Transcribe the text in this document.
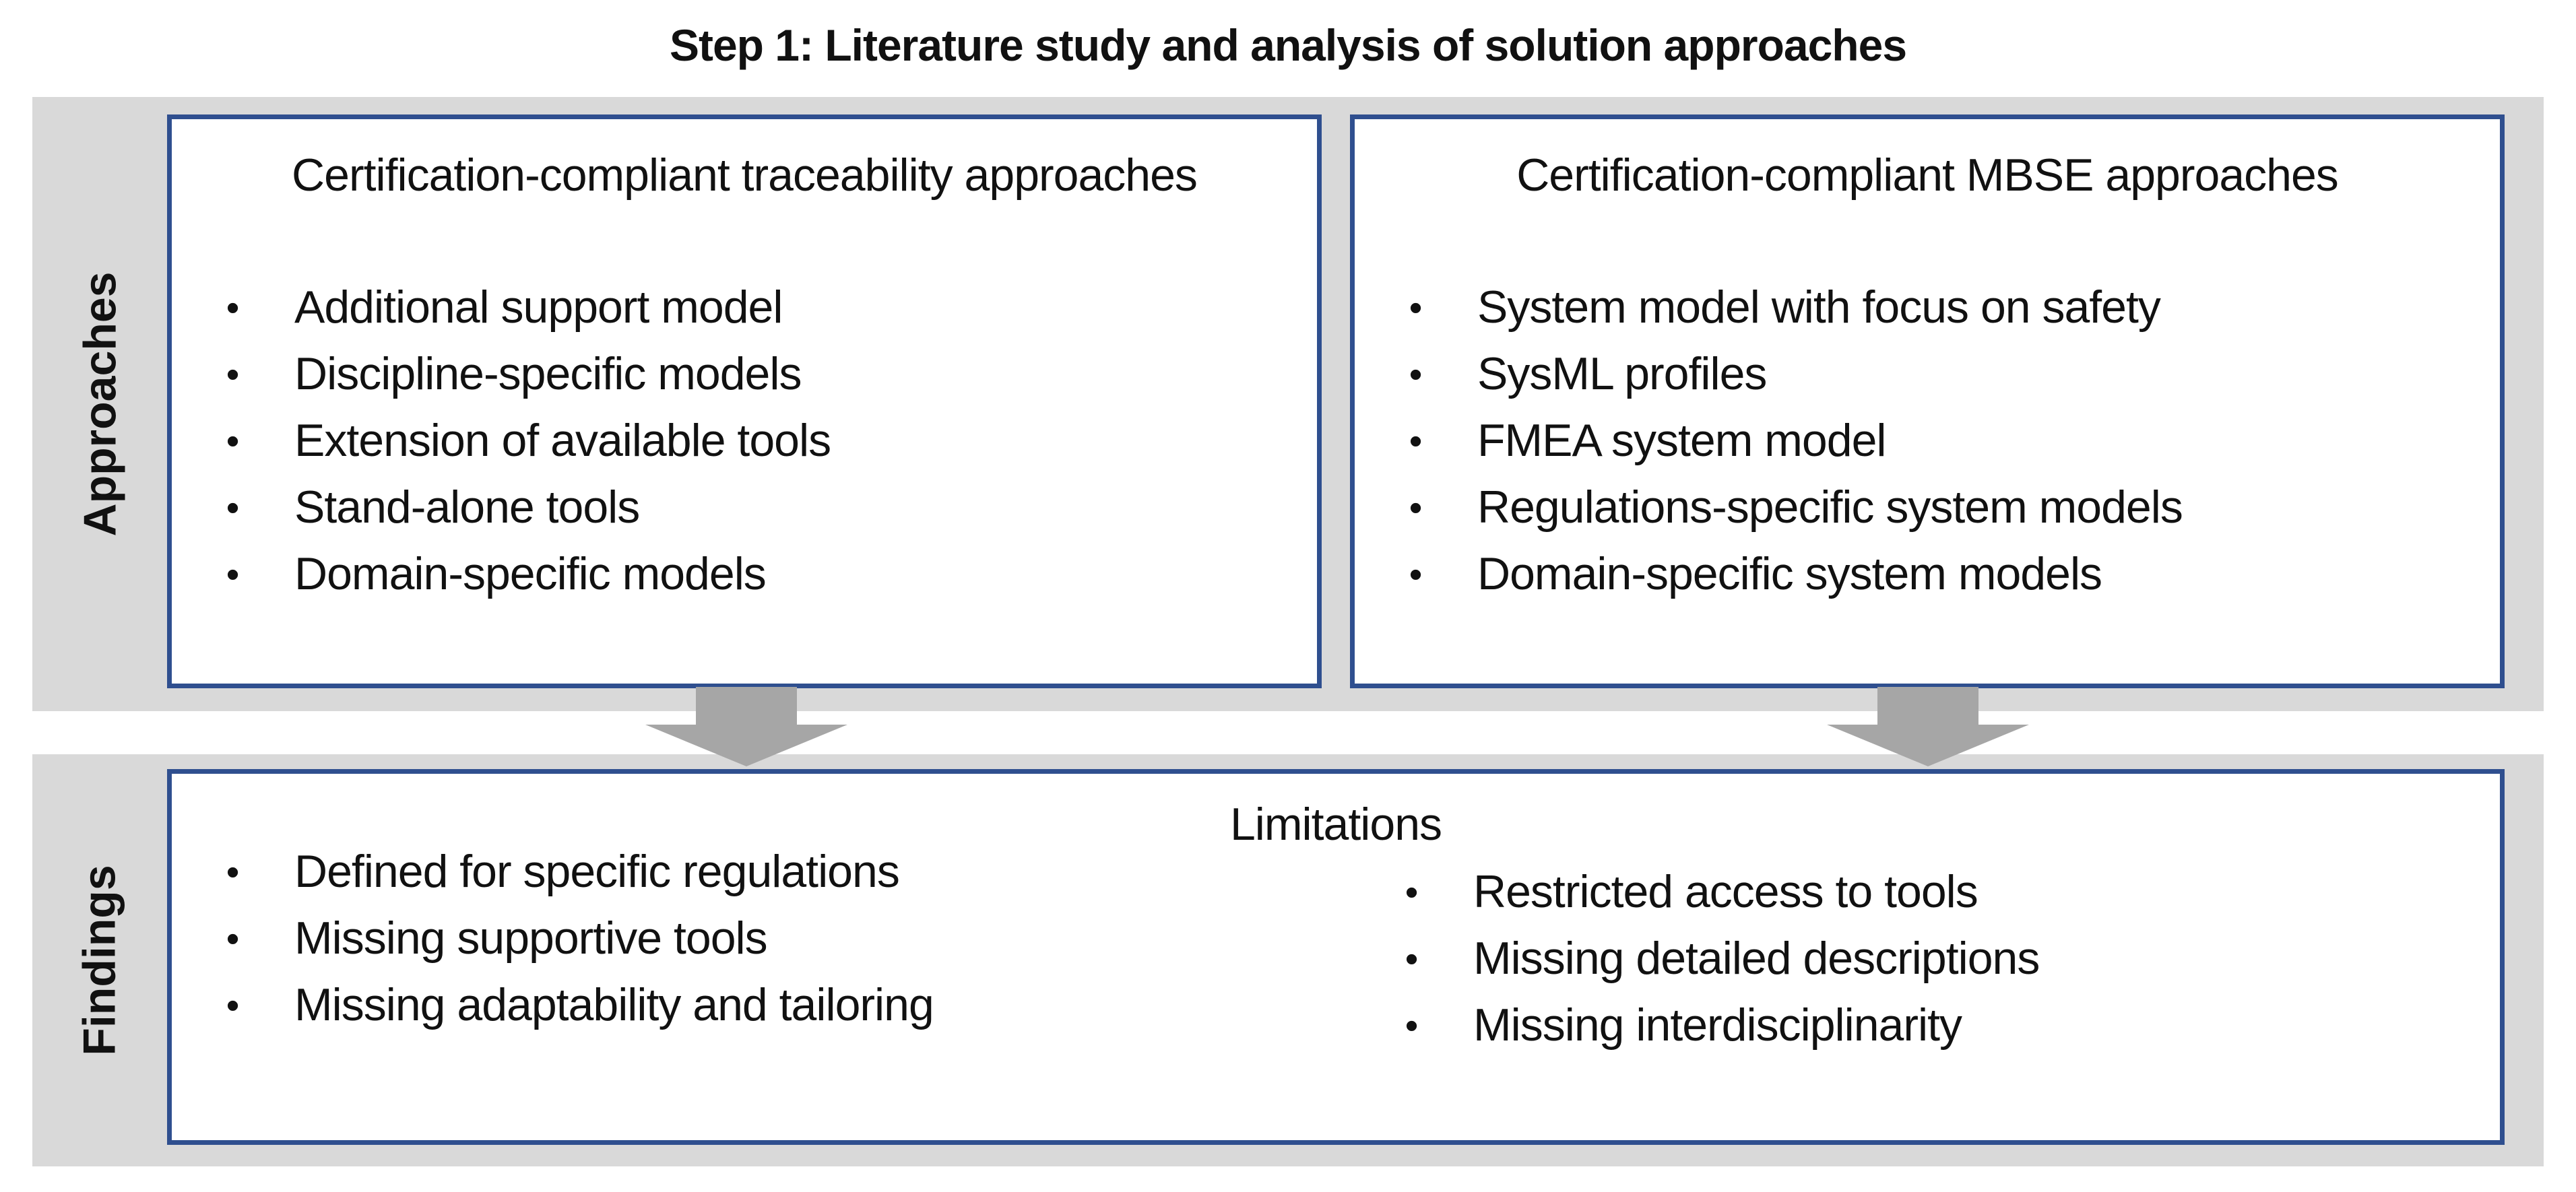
Step 1: Literature study and analysis of solution approaches
Approaches
Findings
Certification-compliant traceability approaches
• Additional support model
• Discipline-specific models
• Extension of available tools
• Stand-alone tools
• Domain-specific models
Certification-compliant MBSE approaches
• System model with focus on safety
• SysML profiles
• FMEA system model
• Regulations-specific system models
• Domain-specific system models
Limitations
• Defined for specific regulations
• Missing supportive tools
• Missing adaptability and tailoring
• Restricted access to tools
• Missing detailed descriptions
• Missing interdisciplinarity
